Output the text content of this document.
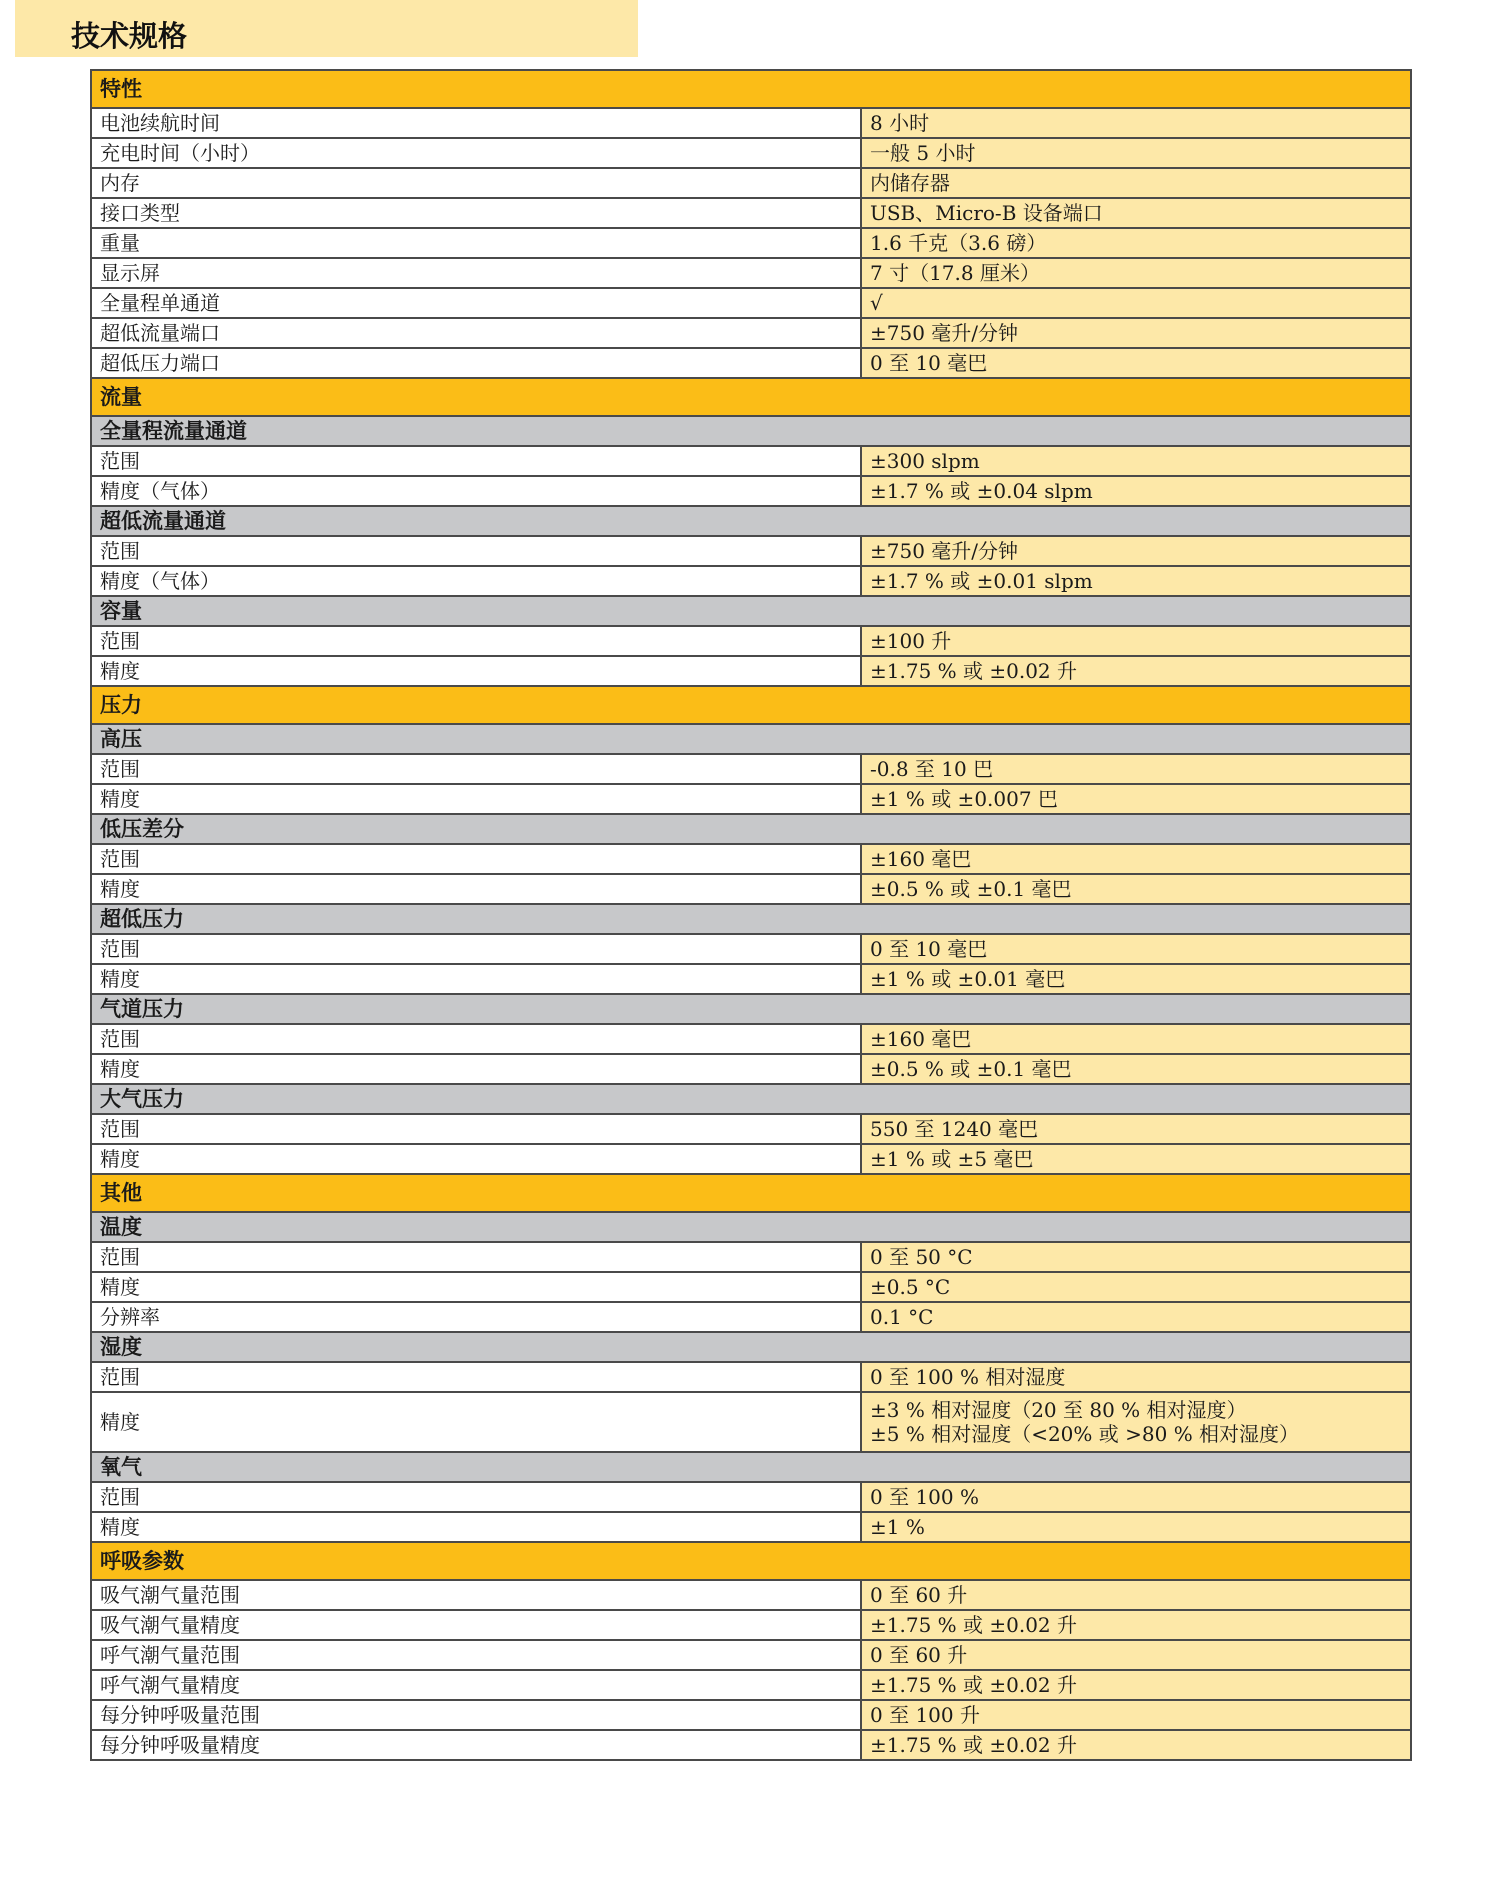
技术规格
特性	
电池续航时间	8 小时
充电时间（小时）	一般 5 小时
内存	内储存器
接口类型	USB、Micro-B 设备端口
重量	1.6 千克（3.6 磅）
显示屏	7 寸（17.8 厘米）
全量程单通道	√
超低流量端口	±750 毫升/分钟
超低压力端口	0 至 10 毫巴
流量	
全量程流量通道	
范围	±300 slpm
精度（气体）	±1.7 % 或 ±0.04 slpm
超低流量通道	
范围	±750 毫升/分钟
精度（气体）	±1.7 % 或 ±0.01 slpm
容量	
范围	±100 升
精度	±1.75 % 或 ±0.02 升
压力	
高压	
范围	-0.8 至 10 巴
精度	±1 % 或 ±0.007 巴
低压差分	
范围	±160 毫巴
精度	±0.5 % 或 ±0.1 毫巴
超低压力	
范围	0 至 10 毫巴
精度	±1 % 或 ±0.01 毫巴
气道压力	
范围	±160 毫巴
精度	±0.5 % 或 ±0.1 毫巴
大气压力	
范围	550 至 1240 毫巴
精度	±1 % 或 ±5 毫巴
其他	
温度	
范围	0 至 50 °C
精度	±0.5 °C
分辨率	0.1 °C
湿度	
范围	0 至 100 % 相对湿度
精度	±3 % 相对湿度（20 至 80 % 相对湿度）
±5 % 相对湿度（<20% 或 >80 % 相对湿度）

氧气	
范围	0 至 100 %
精度	±1 %
呼吸参数	
吸气潮气量范围	0 至 60 升
吸气潮气量精度	±1.75 % 或 ±0.02 升
呼气潮气量范围	0 至 60 升
呼气潮气量精度	±1.75 % 或 ±0.02 升
每分钟呼吸量范围	0 至 100 升
每分钟呼吸量精度	±1.75 % 或 ±0.02 升
